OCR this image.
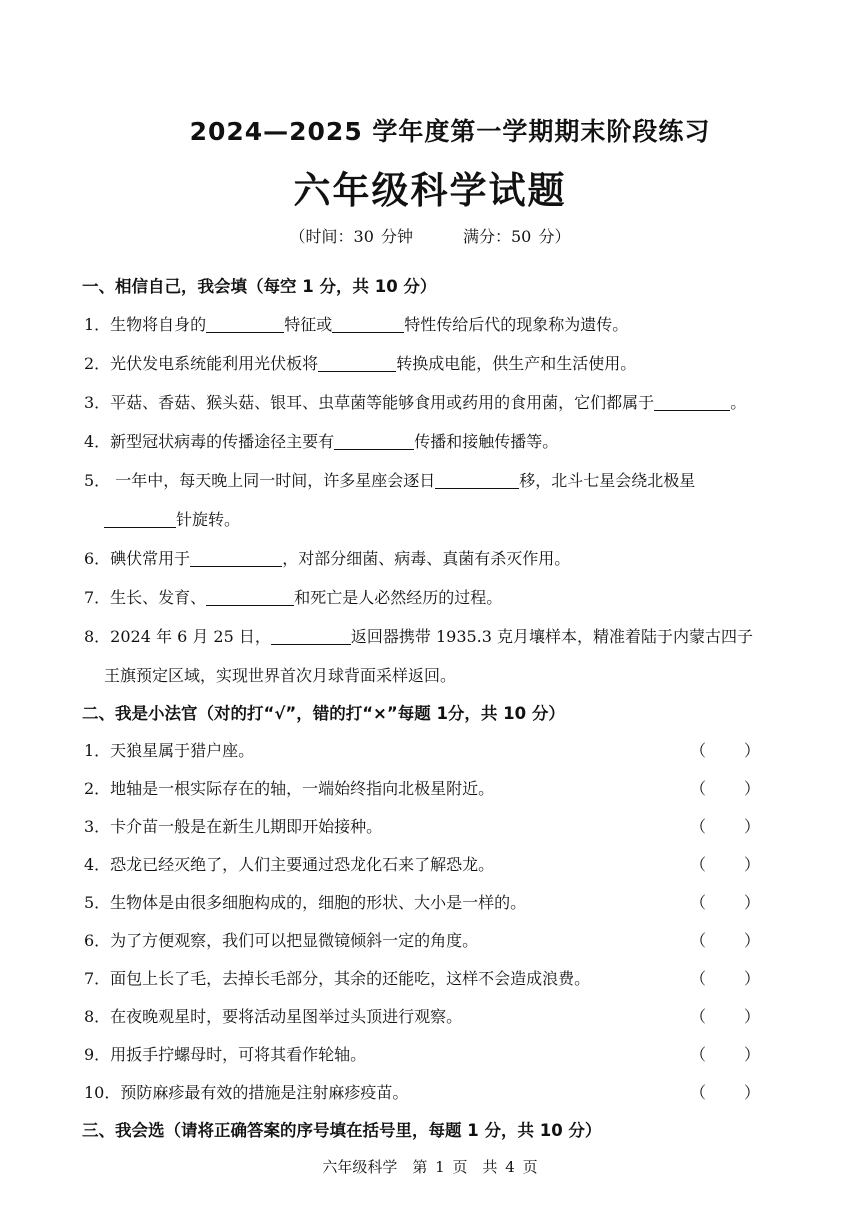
2024—2025 学年度第一学期期末阶段练习
六年级科学试题
（时间：30 分钟	满分：50 分）
一、相信自己，我会填（每空 1 分，共 10 分）
1．生物将自身的	特征或	特性传给后代的现象称为遗传。
2．光伏发电系统能利用光伏板将	转换成电能，供生产和生活使用。
3．平菇、香菇、猴头菇、银耳、虫草菌等能够食用或药用的食用菌，它们都属于	。
4．新型冠状病毒的传播途径主要有	传播和接触传播等。
5． 一年中，每天晚上同一时间，许多星座会逐日	移，北斗七星会绕北极星
针旋转。
6．碘伏常用于	，对部分细菌、病毒、真菌有杀灭作用。
7．生长、发育、	和死亡是人必然经历的过程。
8．2024 年 6 月 25 日，	返回器携带 1935.3 克月壤样本，精准着陆于内蒙古四子
王旗预定区域，实现世界首次月球背面采样返回。
二、我是小法官（对的打“√”，错的打“×”每题 1分，共 10 分）
1．天狼星属于猎户座。	（ ）
2．地轴是一根实际存在的轴，一端始终指向北极星附近。	（ ）
3．卡介苗一般是在新生儿期即开始接种。	（ ）
4．恐龙已经灭绝了，人们主要通过恐龙化石来了解恐龙。	（ ）
5．生物体是由很多细胞构成的，细胞的形状、大小是一样的。	（ ）
6．为了方便观察，我们可以把显微镜倾斜一定的角度。	（ ）
7．面包上长了毛，去掉长毛部分，其余的还能吃，这样不会造成浪费。	（ ）
8．在夜晚观星时，要将活动星图举过头顶进行观察。	（ ）
9．用扳手拧螺母时，可将其看作轮轴。	（ ）
10．预防麻疹最有效的措施是注射麻疹疫苗。	（ ）
三、我会选（请将正确答案的序号填在括号里，每题 1 分，共 10 分）
六年级科学　第 1 页　共 4 页
